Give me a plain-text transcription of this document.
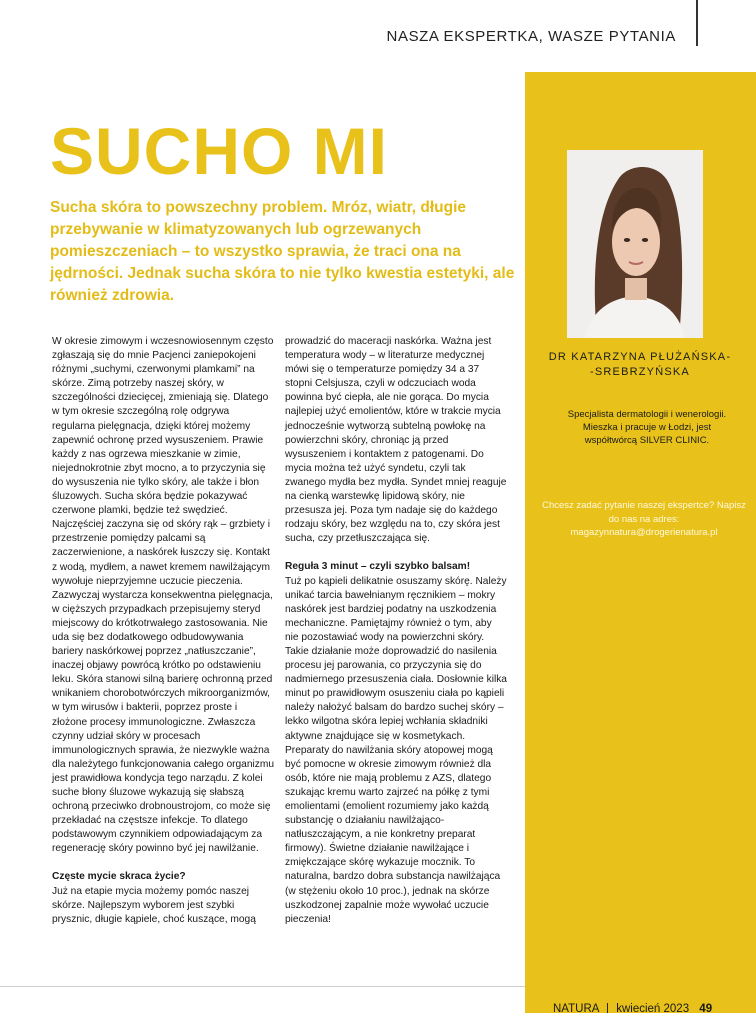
NASZA EKSPERTKA, WASZE PYTANIA
DR KATARZYNA PŁUŻAŃSKA- -SREBRZYŃSKA
Specjalista dermatologii i wenerologii. Mieszka i pracuje w Łodzi, jest współtwórcą SILVER CLINIC.
Chcesz zadać pytanie naszej ekspertce? Napisz do nas na adres: magazynnatura@drogerienatura.pl
SUCHO MI

Sucha skóra to powszechny problem. Mróz, wiatr, długie przebywanie w klimatyzowanych lub ogrzewanych pomieszczeniach – to wszystko sprawia, że traci ona na jędrności. Jednak sucha skóra to nie tylko kwestia estetyki, ale również zdrowia.

W okresie zimowym i wczesnowiosennym często zgłaszają się do mnie Pacjenci zaniepokojeni różnymi „suchymi, czerwonymi plamkami” na skórze. Zimą potrzeby naszej skóry, w szczególności dziecięcej, zmieniają się. Dlatego w tym okresie szczególną rolę odgrywa regularna pielęgnacja, dzięki której możemy zapewnić ochronę przed wysuszeniem. Prawie każdy z nas ogrzewa mieszkanie w zimie, niejednokrotnie zbyt mocno, a to przyczynia się do wysuszenia nie tylko skóry, ale także i błon śluzowych. Sucha skóra będzie pokazywać czerwone plamki, będzie też swędzieć. Najczęściej zaczyna się od skóry rąk – grzbiety i przestrzenie pomiędzy palcami są zaczerwienione, a naskórek łuszczy się. Kontakt z wodą, mydłem, a nawet kremem nawilżającym wywołuje nieprzyjemne uczucie pieczenia. Zazwyczaj wystarcza konsekwentna pielęgnacja, w cięższych przypadkach przepisujemy steryd miejscowy do krótkotrwałego zastosowania. Nie uda się bez dodatkowego odbudowywania bariery naskórkowej poprzez „natłuszczanie”, inaczej objawy powrócą krótko po odstawieniu leku. Skóra stanowi silną barierę ochronną przed wnikaniem chorobotwórczych mikroorganizmów, w tym wirusów i bakterii, poprzez proste i złożone procesy immunologiczne. Zwłaszcza czynny udział skóry w procesach immunologicznych sprawia, że niezwykle ważna dla należytego funkcjonowania całego organizmu jest prawidłowa kondycja tego narządu. Z kolei suche błony śluzowe wykazują się słabszą ochroną przeciwko drobnoustrojom, co może się przekładać na częstsze infekcje. To dlatego podstawowym czynnikiem odpowiadającym za regenerację skóry powinno być jej nawilżanie.

Częste mycie skraca życie?

Już na etapie mycia możemy pomóc naszej skórze. Najlepszym wyborem jest szybki prysznic, długie kąpiele, choć kuszące, mogą

prowadzić do maceracji naskórka. Ważna jest temperatura wody – w literaturze medycznej mówi się o temperaturze pomiędzy 34 a 37 stopni Celsjusza, czyli w odczuciach woda powinna być ciepła, ale nie gorąca. Do mycia najlepiej użyć emolientów, które w trakcie mycia jednocześnie wytworzą subtelną powłokę na powierzchni skóry, chroniąc ją przed wysuszeniem i kontaktem z patogenami. Do mycia można też użyć syndetu, czyli tak zwanego mydła bez mydła. Syndet mniej reaguje na cienką warstewkę lipidową skóry, nie przesusza jej. Poza tym nadaje się do każdego rodzaju skóry, bez względu na to, czy skóra jest sucha, czy przetłuszczająca się.

Reguła 3 minut – czyli szybko balsam!

Tuż po kąpieli delikatnie osuszamy skórę. Należy unikać tarcia bawełnianym ręcznikiem – mokry naskórek jest bardziej podatny na uszkodzenia mechaniczne. Pamiętajmy również o tym, aby nie pozostawiać wody na powierzchni skóry. Takie działanie może doprowadzić do nasilenia procesu jej parowania, co przyczynia się do nadmiernego przesuszenia ciała. Dosłownie kilka minut po prawidłowym osuszeniu ciała po kąpieli należy nałożyć balsam do bardzo suchej skóry – lekko wilgotna skóra lepiej wchłania składniki aktywne znajdujące się w kosmetykach. Preparaty do nawilżania skóry atopowej mogą być pomocne w okresie zimowym również dla osób, które nie mają problemu z AZS, dlatego szukając kremu warto zajrzeć na półkę z tymi emolientami (emolient rozumiemy jako każdą substancję o działaniu nawilżająco-natłuszczającym, a nie konkretny preparat firmowy). Świetne działanie nawilżające i zmiękczające skórę wykazuje mocznik. To naturalna, bardzo dobra substancja nawilżająca (w stężeniu około 10 proc.), jednak na skórze uszkodzonej zapalnie może wywołać uczucie pieczenia!

NATURA | kwiecień 2023 49
